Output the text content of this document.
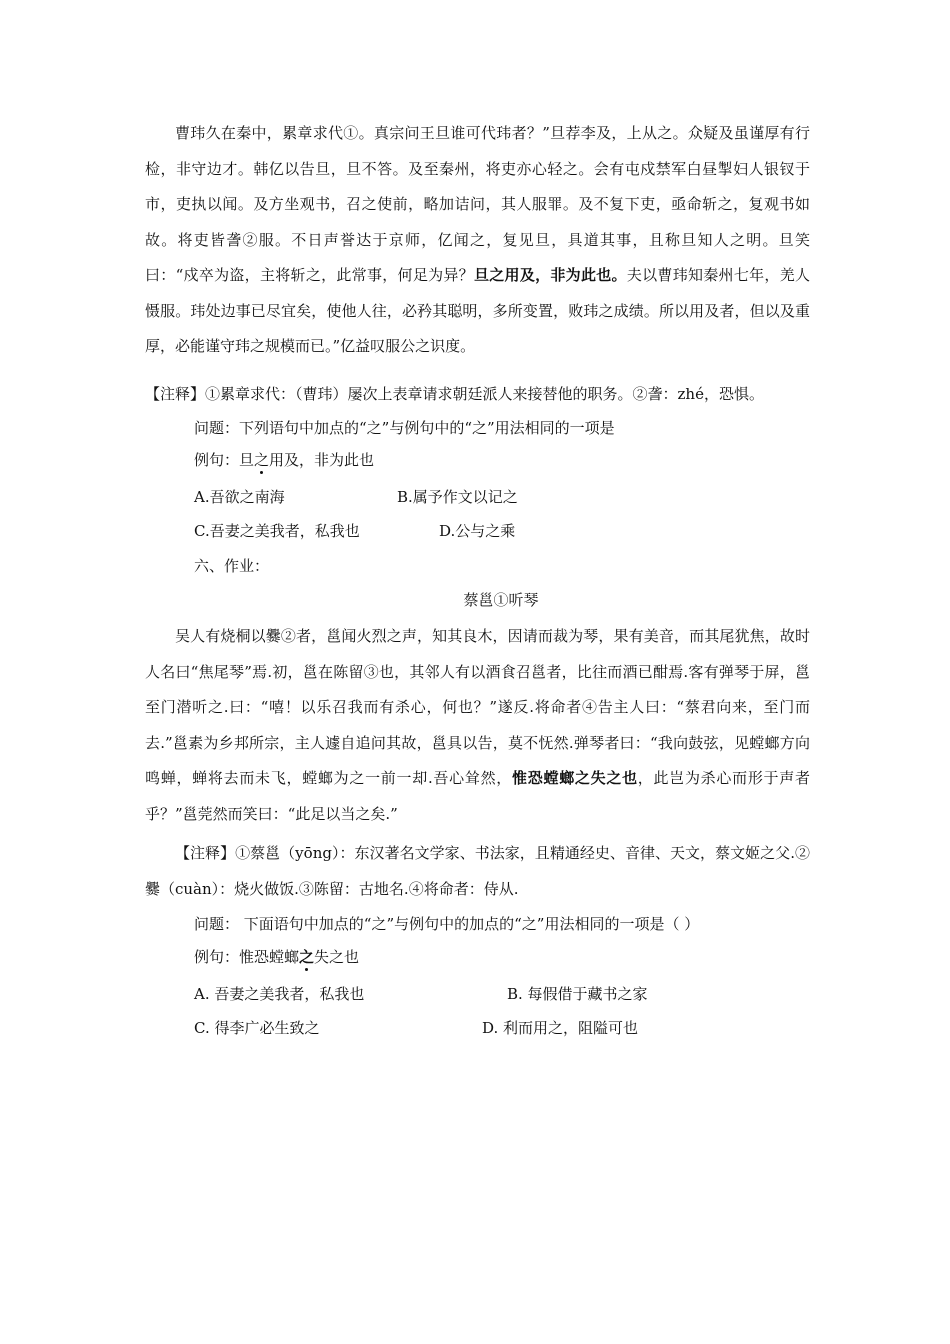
曹玮久在秦中，累章求代①。真宗问王旦谁可代玮者？”旦荐李及，上从之。众疑及虽谨厚有行检，非守边才。韩亿以告旦，旦不答。及至秦州，将吏亦心轻之。会有屯戍禁军白昼掣妇人银钗于市，吏执以闻。及方坐观书，召之使前，略加诘问，其人服罪。及不复下吏，亟命斩之，复观书如故。将吏皆詟②服。不日声誉达于京师，亿闻之，复见旦，具道其事，且称旦知人之明。旦笑曰：“戍卒为盗，主将斩之，此常事，何足为异？旦之用及，非为此也。夫以曹玮知秦州七年，羌人慑服。玮处边事已尽宜矣，使他人往，必矜其聪明，多所变置，败玮之成绩。所以用及者，但以及重厚，必能谨守玮之规模而已。”亿益叹服公之识度。

【注释】①累章求代：（曹玮）屡次上表章请求朝廷派人来接替他的职务。②詟：zhé，恐惧。

问题：下列语句中加点的“之”与例句中的“之”用法相同的一项是
例句：旦之用及，非为此也
A.吾欲之南海	B.属予作文以记之
C.吾妻之美我者，私我也	D.公与之乘
六、作业：
蔡邕①听琴

吴人有烧桐以爨②者，邕闻火烈之声，知其良木，因请而裁为琴，果有美音，而其尾犹焦，故时人名曰“焦尾琴”焉.初，邕在陈留③也，其邻人有以酒食召邕者，比往而酒已酣焉.客有弹琴于屏，邕至门潜听之.曰：“嘻！以乐召我而有杀心，何也？”遂反.将命者④告主人曰：“蔡君向来，至门而去.”邕素为乡邦所宗，主人遽自追问其故，邕具以告，莫不怃然.弹琴者曰：“我向鼓弦，见螳螂方向鸣蝉，蝉将去而未飞，螳螂为之一前一却.吾心耸然，惟恐螳螂之失之也，此岂为杀心而形于声者乎？”邕莞然而笑曰：“此足以当之矣.”

【注释】①蔡邕（yōng）：东汉著名文学家、书法家，且精通经史、音律、天文，蔡文姬之父.②爨（cuàn）：烧火做饭.③陈留：古地名.④将命者：侍从.

问题： 下面语句中加点的“之”与例句中的加点的“之”用法相同的一项是（ ）
例句：惟恐螳螂之失之也
A. 吾妻之美我者，私我也	B. 每假借于藏书之家
C. 得李广必生致之	D. 利而用之，阻隘可也
